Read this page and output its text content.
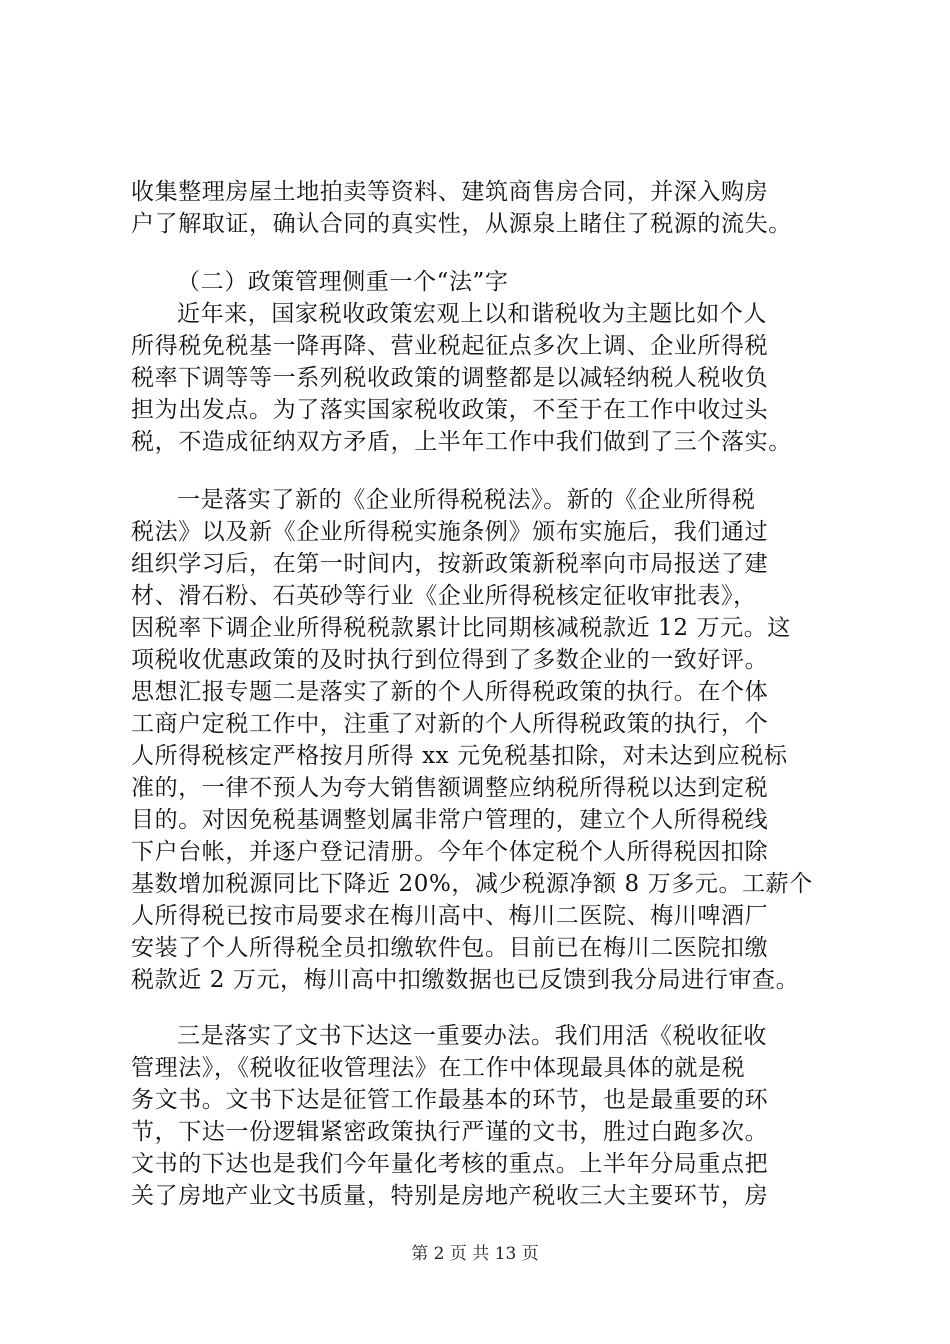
收集整理房屋土地拍卖等资料、建筑商售房合同，并深入购房
户了解取证，确认合同的真实性，从源泉上睹住了税源的流失。
（二）政策管理侧重一个“法”字
近年来，国家税收政策宏观上以和谐税收为主题比如个人
所得税免税基一降再降、营业税起征点多次上调、企业所得税
税率下调等等一系列税收政策的调整都是以减轻纳税人税收负
担为出发点。为了落实国家税收政策，不至于在工作中收过头
税，不造成征纳双方矛盾，上半年工作中我们做到了三个落实。
一是落实了新的《企业所得税税法》。新的《企业所得税
税法》以及新《企业所得税实施条例》颁布实施后，我们通过
组织学习后，在第一时间内，按新政策新税率向市局报送了建
材、滑石粉、石英砂等行业《企业所得税核定征收审批表》，
因税率下调企业所得税税款累计比同期核减税款近 12 万元。这
项税收优惠政策的及时执行到位得到了多数企业的一致好评。
思想汇报专题二是落实了新的个人所得税政策的执行。在个体
工商户定税工作中，注重了对新的个人所得税政策的执行，个
人所得税核定严格按月所得 xx 元免税基扣除，对未达到应税标
准的，一律不预人为夸大销售额调整应纳税所得税以达到定税
目的。对因免税基调整划属非常户管理的，建立个人所得税线
下户台帐，并逐户登记清册。今年个体定税个人所得税因扣除
基数增加税源同比下降近 20%，减少税源净额 8 万多元。工薪个
人所得税已按市局要求在梅川高中、梅川二医院、梅川啤酒厂
安装了个人所得税全员扣缴软件包。目前已在梅川二医院扣缴
税款近 2 万元，梅川高中扣缴数据也已反馈到我分局进行审查。
三是落实了文书下达这一重要办法。我们用活《税收征收
管理法》，《税收征收管理法》在工作中体现最具体的就是税
务文书。文书下达是征管工作最基本的环节，也是最重要的环
节，下达一份逻辑紧密政策执行严谨的文书，胜过白跑多次。
文书的下达也是我们今年量化考核的重点。上半年分局重点把
关了房地产业文书质量，特别是房地产税收三大主要环节，房
第 2 页 共 13 页
